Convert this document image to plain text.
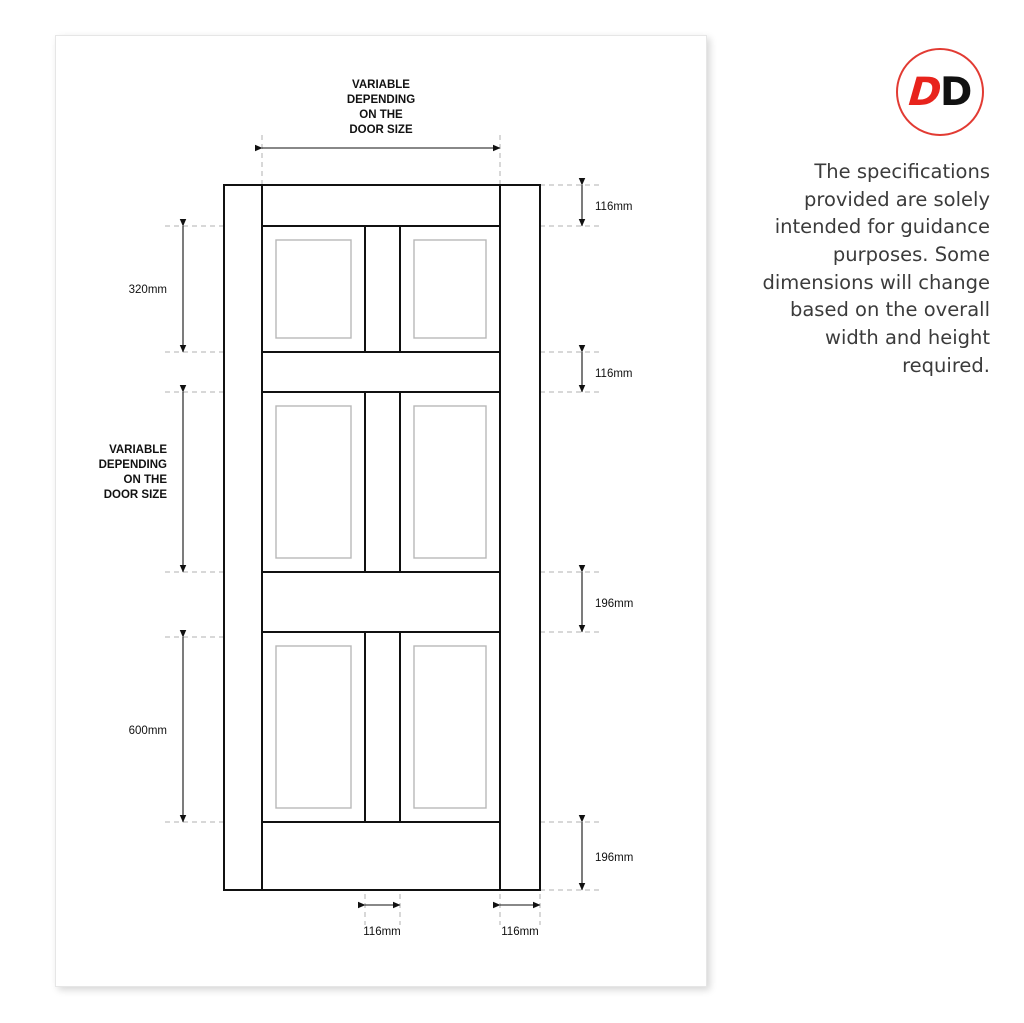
VARIABLE
DEPENDING
ON THE
DOOR SIZE
VARIABLE
DEPENDING
ON THE
DOOR SIZE
320mm
600mm
116mm
116mm
196mm
196mm
116mm	116mm
D
D
The specifications provided are solely intended for guidance purposes. Some dimensions will change based on the overall width and height required.
